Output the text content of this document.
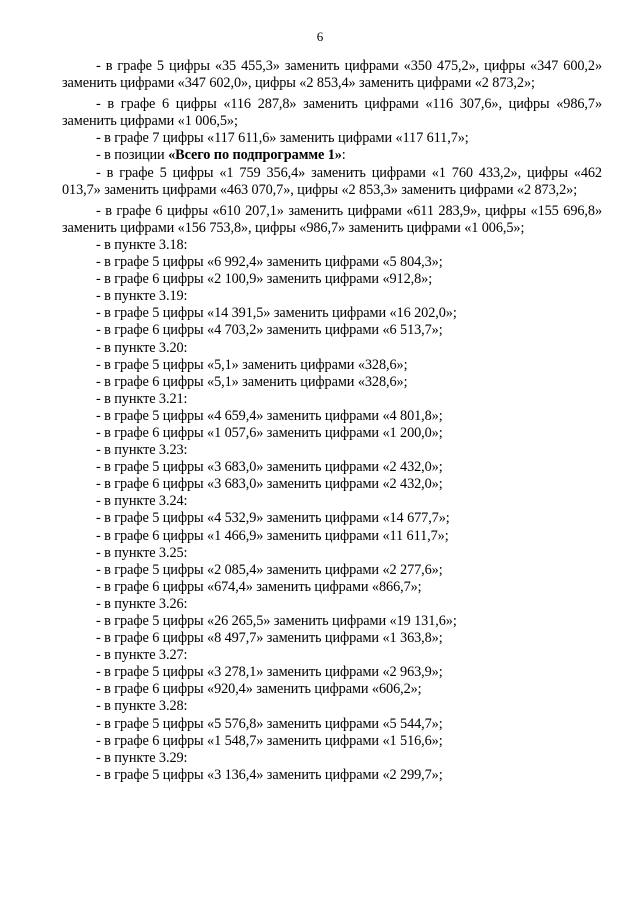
6

- в графе 5 цифры «35 455,3» заменить цифрами «350 475,2», цифры «347 600,2» заменить цифрами «347 602,0», цифры «2 853,4» заменить цифрами «2 873,2»;

- в графе 6 цифры «116 287,8» заменить цифрами «116 307,6», цифры «986,7» заменить цифрами «1 006,5»;

- в графе 7 цифры «117 611,6» заменить цифрами «117 611,7»;

- в позиции «Всего по подпрограмме 1»:

- в графе 5 цифры «1 759 356,4» заменить цифрами «1 760 433,2», цифры «462 013,7» заменить цифрами «463 070,7», цифры «2 853,3» заменить цифрами «2 873,2»;

- в графе 6 цифры «610 207,1» заменить цифрами «611 283,9», цифры «155 696,8» заменить цифрами «156 753,8», цифры «986,7» заменить цифрами «1 006,5»;

- в пункте 3.18:

- в графе 5 цифры «6 992,4» заменить цифрами «5 804,3»;

- в графе 6 цифры «2 100,9» заменить цифрами «912,8»;

- в пункте 3.19:

- в графе 5 цифры «14 391,5» заменить цифрами «16 202,0»;

- в графе 6 цифры «4 703,2» заменить цифрами «6 513,7»;

- в пункте 3.20:

- в графе 5 цифры «5,1» заменить цифрами «328,6»;

- в графе 6 цифры «5,1» заменить цифрами «328,6»;

- в пункте 3.21:

- в графе 5 цифры «4 659,4» заменить цифрами «4 801,8»;

- в графе 6 цифры «1 057,6» заменить цифрами «1 200,0»;

- в пункте 3.23:

- в графе 5 цифры «3 683,0» заменить цифрами «2 432,0»;

- в графе 6 цифры «3 683,0» заменить цифрами «2 432,0»;

- в пункте 3.24:

- в графе 5 цифры «4 532,9» заменить цифрами «14 677,7»;

- в графе 6 цифры «1 466,9» заменить цифрами «11 611,7»;

- в пункте 3.25:

- в графе 5 цифры «2 085,4» заменить цифрами «2 277,6»;

- в графе 6 цифры «674,4» заменить цифрами «866,7»;

- в пункте 3.26:

- в графе 5 цифры «26 265,5» заменить цифрами «19 131,6»;

- в графе 6 цифры «8 497,7» заменить цифрами «1 363,8»;

- в пункте 3.27:

- в графе 5 цифры «3 278,1» заменить цифрами «2 963,9»;

- в графе 6 цифры «920,4» заменить цифрами «606,2»;

- в пункте 3.28:

- в графе 5 цифры «5 576,8» заменить цифрами «5 544,7»;

- в графе 6 цифры «1 548,7» заменить цифрами «1 516,6»;

- в пункте 3.29:

- в графе 5 цифры «3 136,4» заменить цифрами «2 299,7»;
